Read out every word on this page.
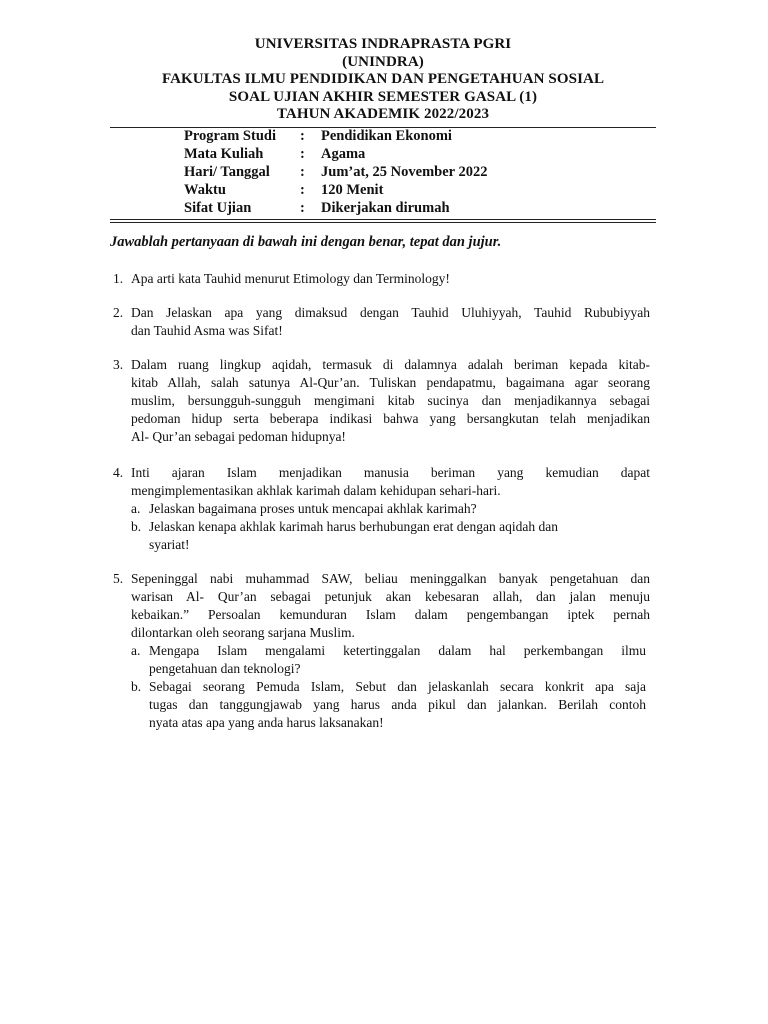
UNIVERSITAS INDRAPRASTA PGRI
(UNINDRA)
FAKULTAS ILMU PENDIDIKAN DAN PENGETAHUAN SOSIAL
SOAL UJIAN AKHIR SEMESTER GASAL (1)
TAHUN AKADEMIK 2022/2023
Program Studi : Pendidikan Ekonomi
Mata Kuliah	: Agama
Hari/ Tanggal : Jum’at, 25 November 2022
Waktu	: 120 Menit
Sifat Ujian	: Dikerjakan dirumah
Jawablah pertanyaan di bawah ini dengan benar, tepat dan jujur.
1. Apa arti kata Tauhid menurut Etimology dan Terminology!
2. Dan Jelaskan apa yang dimaksud dengan Tauhid Uluhiyyah, Tauhid Rububiyyah
dan Tauhid Asma was Sifat!
3. Dalam ruang lingkup aqidah, termasuk di dalamnya adalah beriman kepada kitab-
kitab Allah, salah satunya Al-Qur’an. Tuliskan pendapatmu, bagaimana agar seorang
muslim, bersungguh-sungguh mengimani kitab sucinya dan menjadikannya sebagai
pedoman hidup serta beberapa indikasi bahwa yang bersangkutan telah menjadikan
Al- Qur’an sebagai pedoman hidupnya!
4. Inti ajaran Islam menjadikan manusia beriman yang kemudian dapat
mengimplementasikan akhlak karimah dalam kehidupan sehari-hari.
a. Jelaskan bagaimana proses untuk mencapai akhlak karimah?
b. Jelaskan kenapa akhlak karimah harus berhubungan erat dengan aqidah dan
syariat!
5. Sepeninggal nabi muhammad SAW, beliau meninggalkan banyak pengetahuan dan
warisan Al- Qur’an sebagai petunjuk akan kebesaran allah, dan jalan menuju
kebaikan.” Persoalan kemunduran Islam dalam pengembangan iptek pernah
dilontarkan oleh seorang sarjana Muslim.
a. Mengapa Islam mengalami ketertinggalan dalam hal perkembangan ilmu
pengetahuan dan teknologi?
b. Sebagai seorang Pemuda Islam, Sebut dan jelaskanlah secara konkrit apa saja
tugas dan tanggungjawab yang harus anda pikul dan jalankan. Berilah contoh
nyata atas apa yang anda harus laksanakan!
